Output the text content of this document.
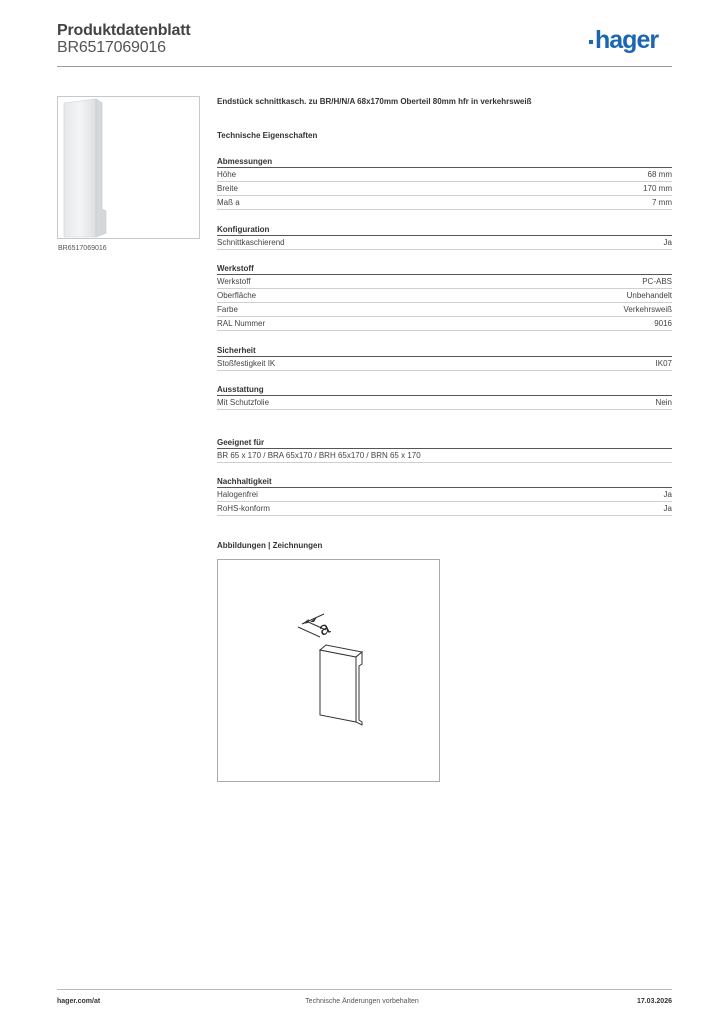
Produktdatenblatt
BR6517069016	hager
BR6517069016
Endstück schnittkasch. zu BR/H/N/A 68x170mm Oberteil 80mm hfr in verkehrsweiß
Technische Eigenschaften
Abmessungen
Höhe	68 mm
Breite	170 mm
Maß a	7 mm
Konfiguration
Schnittkaschierend	Ja
Werkstoff
Werkstoff	PC-ABS
Oberfläche	Unbehandelt
Farbe	Verkehrsweiß
RAL Nummer	9016
Sicherheit
Stoßfestigkeit IK	IK07
Ausstattung
Mit Schutzfolie	Nein
Geeignet für
BR 65 x 170 / BRA 65x170 / BRH 65x170 / BRN 65 x 170
Nachhaltigkeit
Halogenfrei	Ja
RoHS-konform	Ja
Abbildungen | Zeichnungen
a
hager.com/at	Technische Änderungen vorbehalten	17.03.2026
